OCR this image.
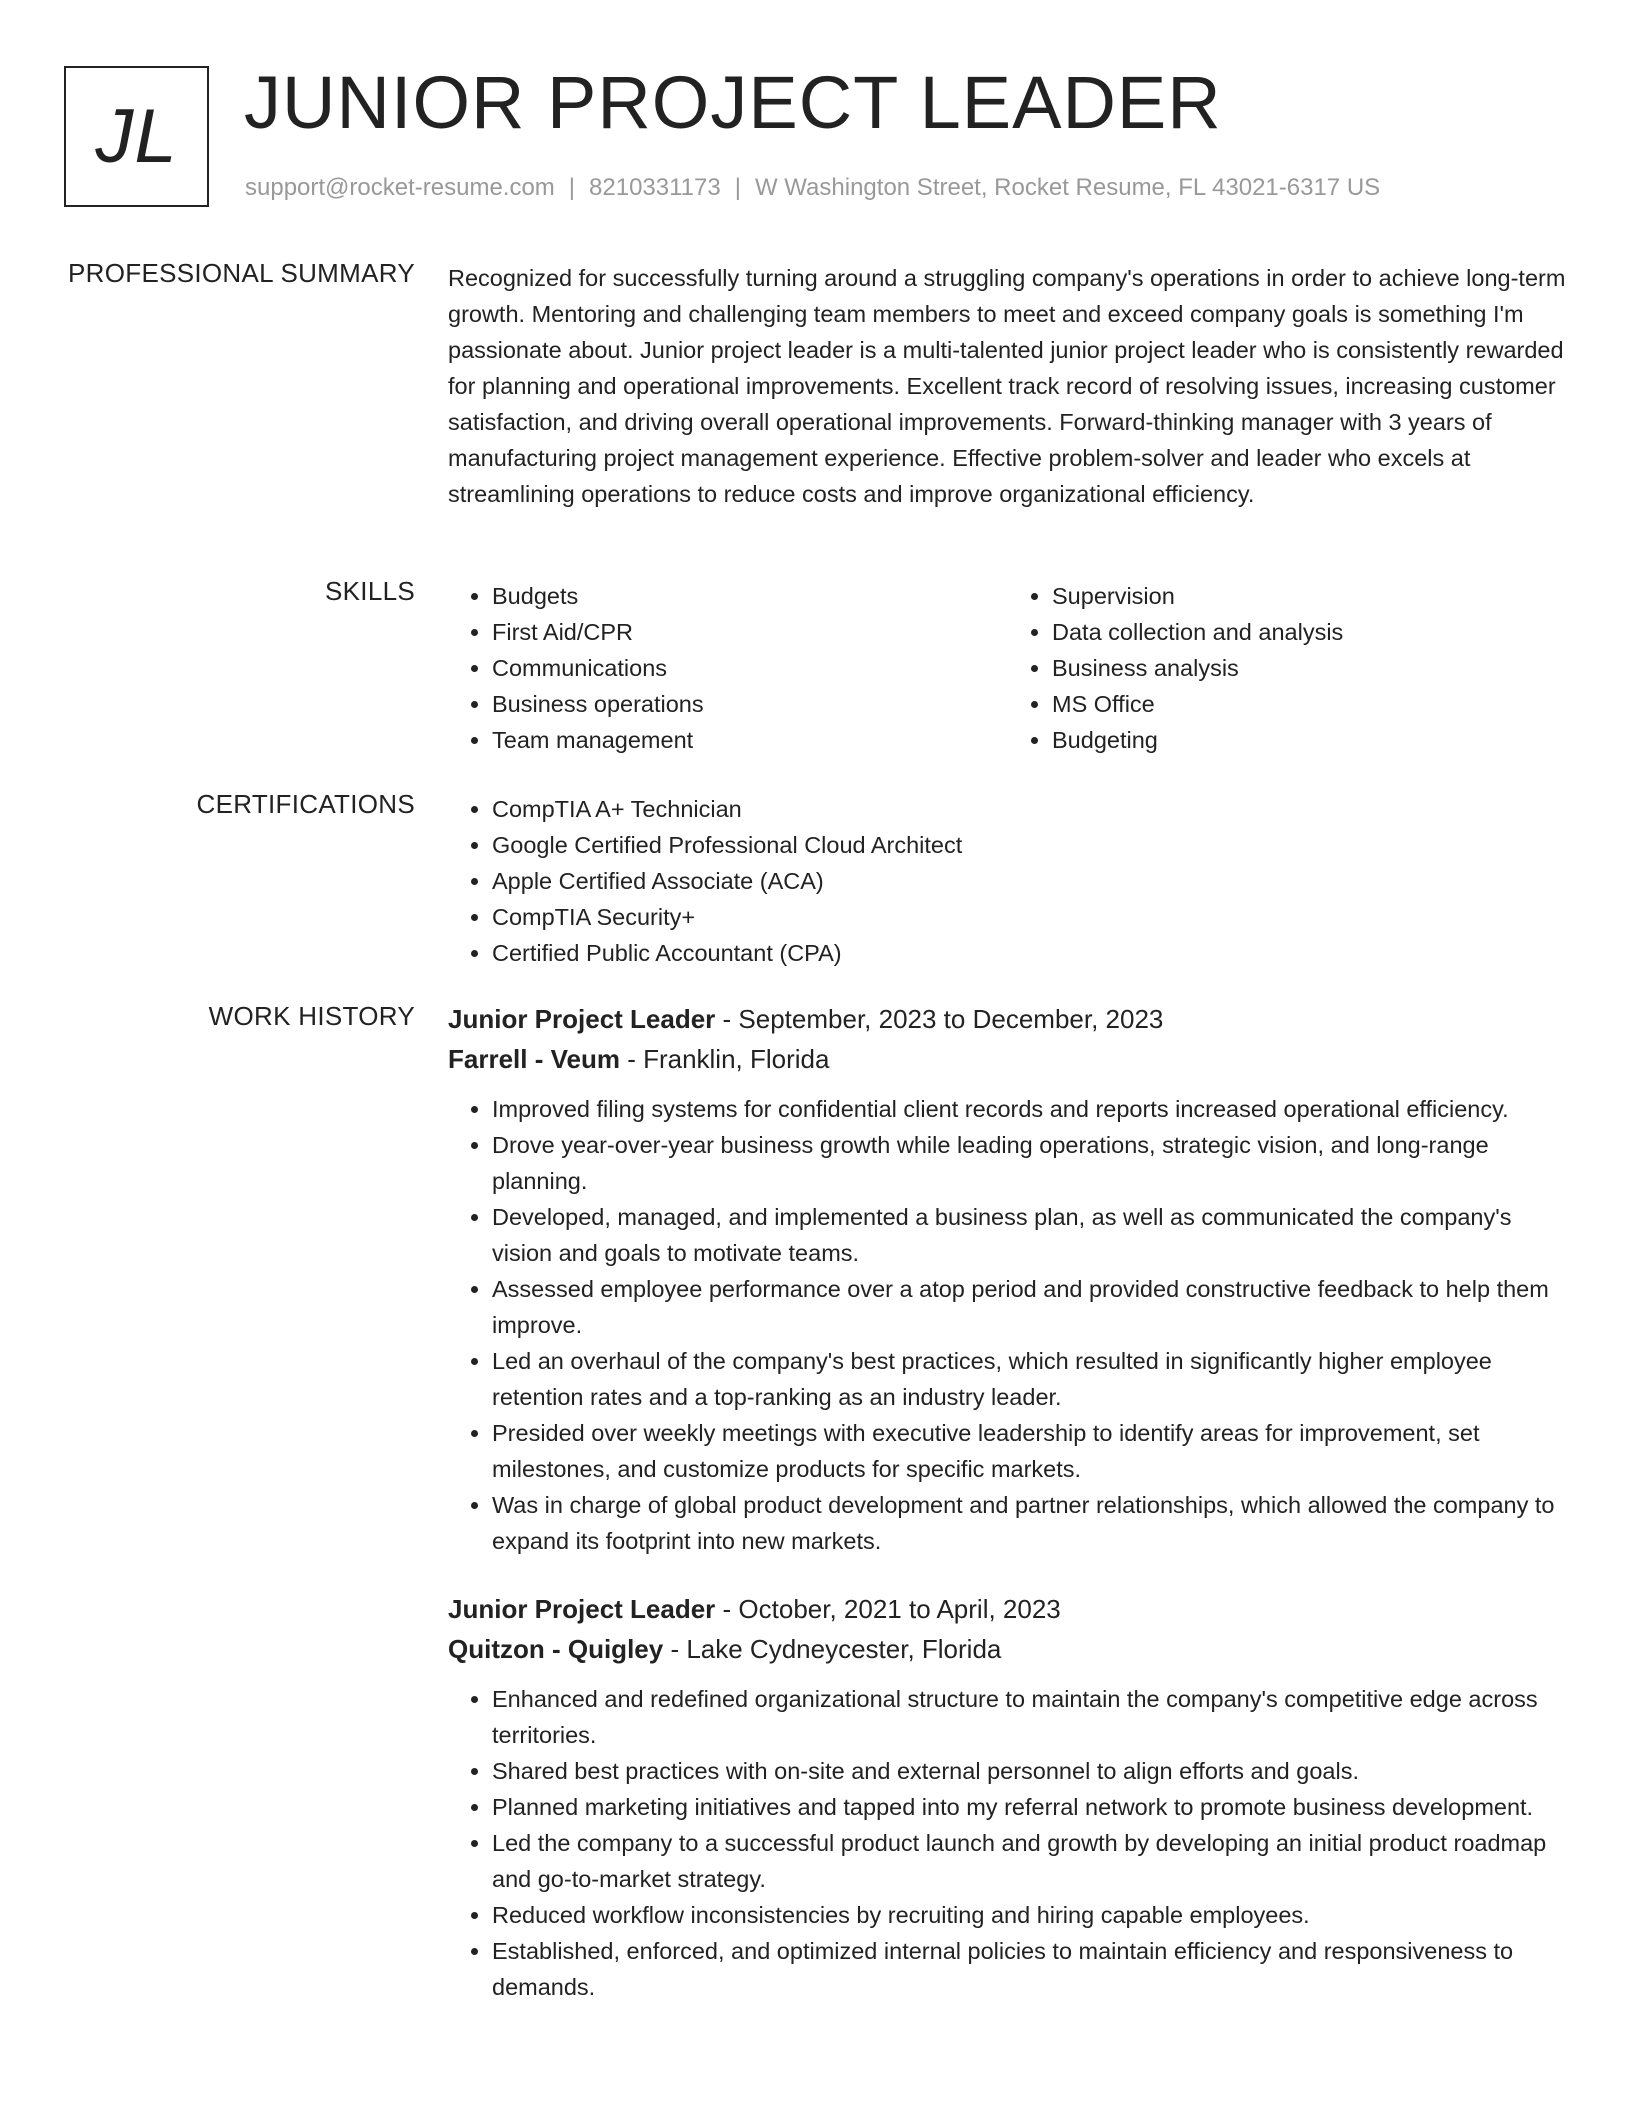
JL JUNIOR PROJECT LEADER
support@rocket-resume.com | 8210331173 | W Washington Street, Rocket Resume, FL 43021-6317 US
PROFESSIONAL SUMMARY Recognized for successfully turning around a struggling company's operations in order to achieve long-term growth. Mentoring and challenging team members to meet and exceed company goals is something I'm passionate about. Junior project leader is a multi-talented junior project leader who is consistently rewarded for planning and operational improvements. Excellent track record of resolving issues, increasing customer satisfaction, and driving overall operational improvements. Forward-thinking manager with 3 years of manufacturing project management experience. Effective problem-solver and leader who excels at streamlining operations to reduce costs and improve organizational efficiency.
SKILLS	• Budgets
• First Aid/CPR
• Communications
• Business operations
• Team management
• Supervision
• Data collection and analysis
• Business analysis
• MS Office
• Budgeting
CERTIFICATIONS	• CompTIA A+ Technician
• Google Certified Professional Cloud Architect
• Apple Certified Associate (ACA)
• CompTIA Security+
• Certified Public Accountant (CPA)
WORK HISTORY Junior Project Leader - September, 2023 to December, 2023
Farrell - Veum - Franklin, Florida
• Improved filing systems for confidential client records and reports increased operational efficiency.
• Drove year-over-year business growth while leading operations, strategic vision, and long-range planning.
• Developed, managed, and implemented a business plan, as well as communicated the company's vision and goals to motivate teams.
• Assessed employee performance over a atop period and provided constructive feedback to help them improve.
• Led an overhaul of the company's best practices, which resulted in significantly higher employee retention rates and a top-ranking as an industry leader.
• Presided over weekly meetings with executive leadership to identify areas for improvement, set milestones, and customize products for specific markets.
• Was in charge of global product development and partner relationships, which allowed the company to expand its footprint into new markets.
Junior Project Leader - October, 2021 to April, 2023
Quitzon - Quigley - Lake Cydneycester, Florida
• Enhanced and redefined organizational structure to maintain the company's competitive edge across territories.
• Shared best practices with on-site and external personnel to align efforts and goals.
• Planned marketing initiatives and tapped into my referral network to promote business development.
• Led the company to a successful product launch and growth by developing an initial product roadmap and go-to-market strategy.
• Reduced workflow inconsistencies by recruiting and hiring capable employees.
• Established, enforced, and optimized internal policies to maintain efficiency and responsiveness to demands.
